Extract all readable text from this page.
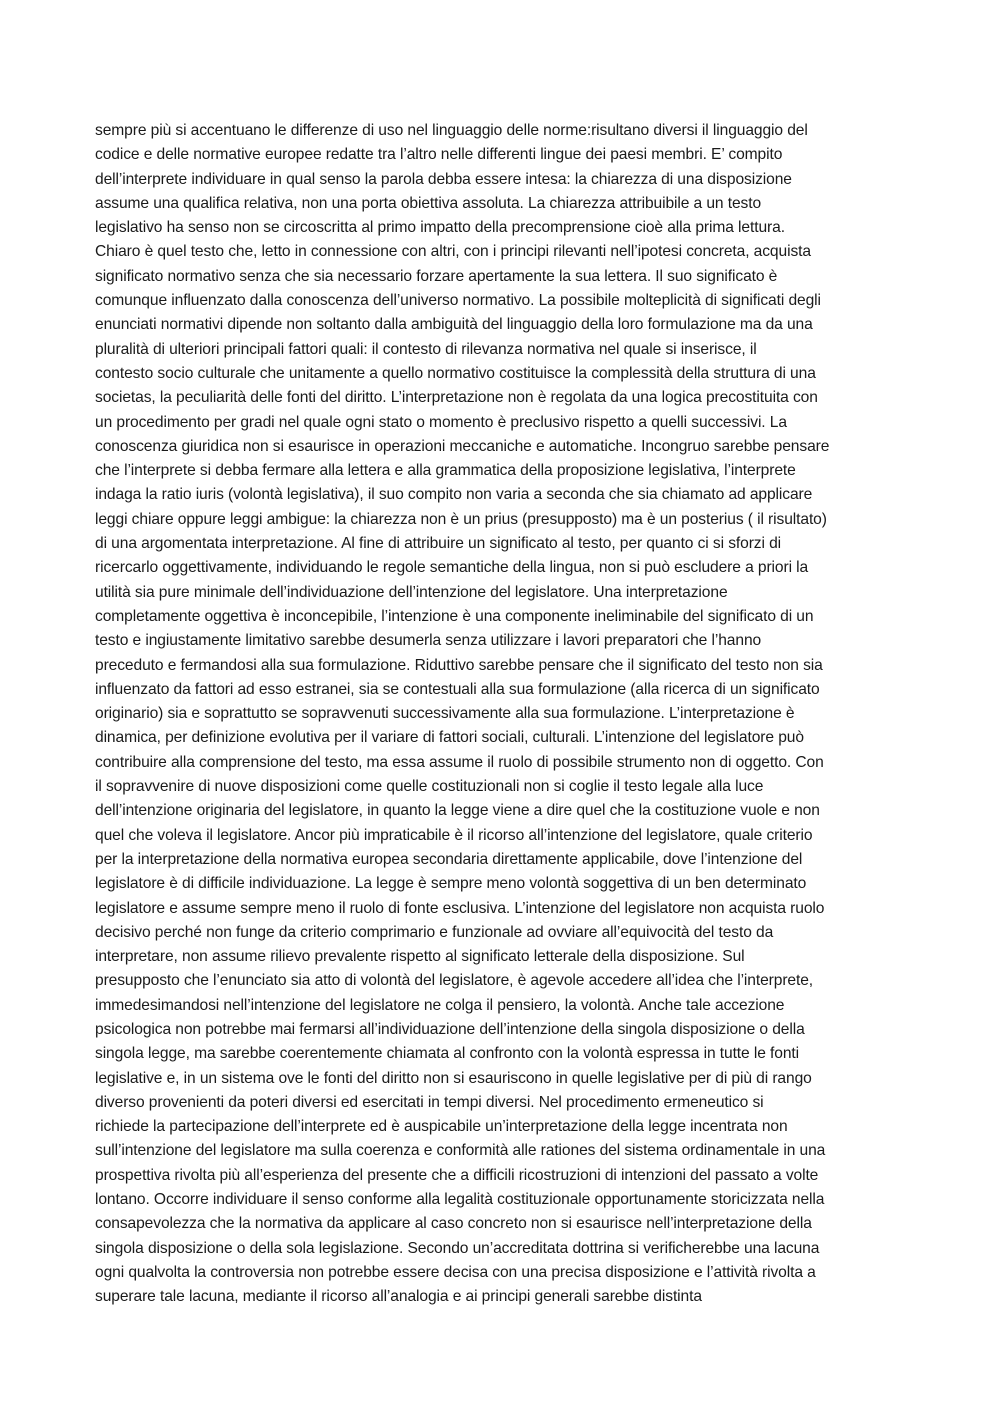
sempre più si accentuano le differenze di uso nel linguaggio delle norme:risultano diversi il linguaggio del
codice e delle normative europee redatte tra l’altro nelle differenti lingue dei paesi membri. E’ compito
dell’interprete individuare in qual senso la parola debba essere intesa: la chiarezza di una disposizione
assume una qualifica relativa, non una porta obiettiva assoluta. La chiarezza attribuibile a un testo
legislativo ha senso non se circoscritta al primo impatto della precomprensione cioè alla prima lettura.
Chiaro è quel testo che, letto in connessione con altri, con i principi rilevanti nell’ipotesi concreta, acquista
significato normativo senza che sia necessario forzare apertamente la sua lettera. Il suo significato è
comunque influenzato dalla conoscenza dell’universo normativo. La possibile molteplicità di significati degli
enunciati normativi dipende non soltanto dalla ambiguità del linguaggio della loro formulazione ma da una
pluralità di ulteriori principali fattori quali: il contesto di rilevanza normativa nel quale si inserisce, il
contesto socio culturale che unitamente a quello normativo costituisce la complessità della struttura di una
societas, la peculiarità delle fonti del diritto. L’interpretazione non è regolata da una logica precostituita con
un procedimento per gradi nel quale ogni stato o momento è preclusivo rispetto a quelli successivi. La
conoscenza giuridica non si esaurisce in operazioni meccaniche e automatiche. Incongruo sarebbe pensare
che l’interprete si debba fermare alla lettera e alla grammatica della proposizione legislativa, l’interprete
indaga la ratio iuris (volontà legislativa), il suo compito non varia a seconda che sia chiamato ad applicare
leggi chiare oppure leggi ambigue: la chiarezza non è un prius (presupposto) ma è un posterius ( il risultato)
di una argomentata interpretazione. Al fine di attribuire un significato al testo, per quanto ci si sforzi di
ricercarlo oggettivamente, individuando le regole semantiche della lingua, non si può escludere a priori la
utilità sia pure minimale dell’individuazione dell’intenzione del legislatore. Una interpretazione
completamente oggettiva è inconcepibile, l’intenzione è una componente ineliminabile del significato di un
testo e ingiustamente limitativo sarebbe desumerla senza utilizzare i lavori preparatori che l’hanno
preceduto e fermandosi alla sua formulazione. Riduttivo sarebbe pensare che il significato del testo non sia
influenzato da fattori ad esso estranei, sia se contestuali alla sua formulazione (alla ricerca di un significato
originario) sia e soprattutto se sopravvenuti successivamente alla sua formulazione. L’interpretazione è
dinamica, per definizione evolutiva per il variare di fattori sociali, culturali. L’intenzione del legislatore può
contribuire alla comprensione del testo, ma essa assume il ruolo di possibile strumento non di oggetto. Con
il sopravvenire di nuove disposizioni come quelle costituzionali non si coglie il testo legale alla luce
dell’intenzione originaria del legislatore, in quanto la legge viene a dire quel che la costituzione vuole e non
quel che voleva il legislatore. Ancor più impraticabile è il ricorso all’intenzione del legislatore, quale criterio
per la interpretazione della normativa europea secondaria direttamente applicabile, dove l’intenzione del
legislatore è di difficile individuazione. La legge è sempre meno volontà soggettiva di un ben determinato
legislatore e assume sempre meno il ruolo di fonte esclusiva. L’intenzione del legislatore non acquista ruolo
decisivo perché non funge da criterio comprimario e funzionale ad ovviare all’equivocità del testo da
interpretare, non assume rilievo prevalente rispetto al significato letterale della disposizione. Sul
presupposto che l’enunciato sia atto di volontà del legislatore, è agevole accedere all’idea che l’interprete,
immedesimandosi nell’intenzione del legislatore ne colga il pensiero, la volontà. Anche tale accezione
psicologica non potrebbe mai fermarsi all’individuazione dell’intenzione della singola disposizione o della
singola legge, ma sarebbe coerentemente chiamata al confronto con la volontà espressa in tutte le fonti
legislative e, in un sistema ove le fonti del diritto non si esauriscono in quelle legislative per di più di rango
diverso provenienti da poteri diversi ed esercitati in tempi diversi. Nel procedimento ermeneutico si
richiede la partecipazione dell’interprete ed è auspicabile un’interpretazione della legge incentrata non
sull’intenzione del legislatore ma sulla coerenza e conformità alle rationes del sistema ordinamentale in una
prospettiva rivolta più all’esperienza del presente che a difficili ricostruzioni di intenzioni del passato a volte
lontano. Occorre individuare il senso conforme alla legalità costituzionale opportunamente storicizzata nella
consapevolezza che la normativa da applicare al caso concreto non si esaurisce nell’interpretazione della
singola disposizione o della sola legislazione. Secondo un’accreditata dottrina si verificherebbe una lacuna
ogni qualvolta la controversia non potrebbe essere decisa con una precisa disposizione e l’attività rivolta a
superare tale lacuna, mediante il ricorso all’analogia e ai principi generali sarebbe distinta
